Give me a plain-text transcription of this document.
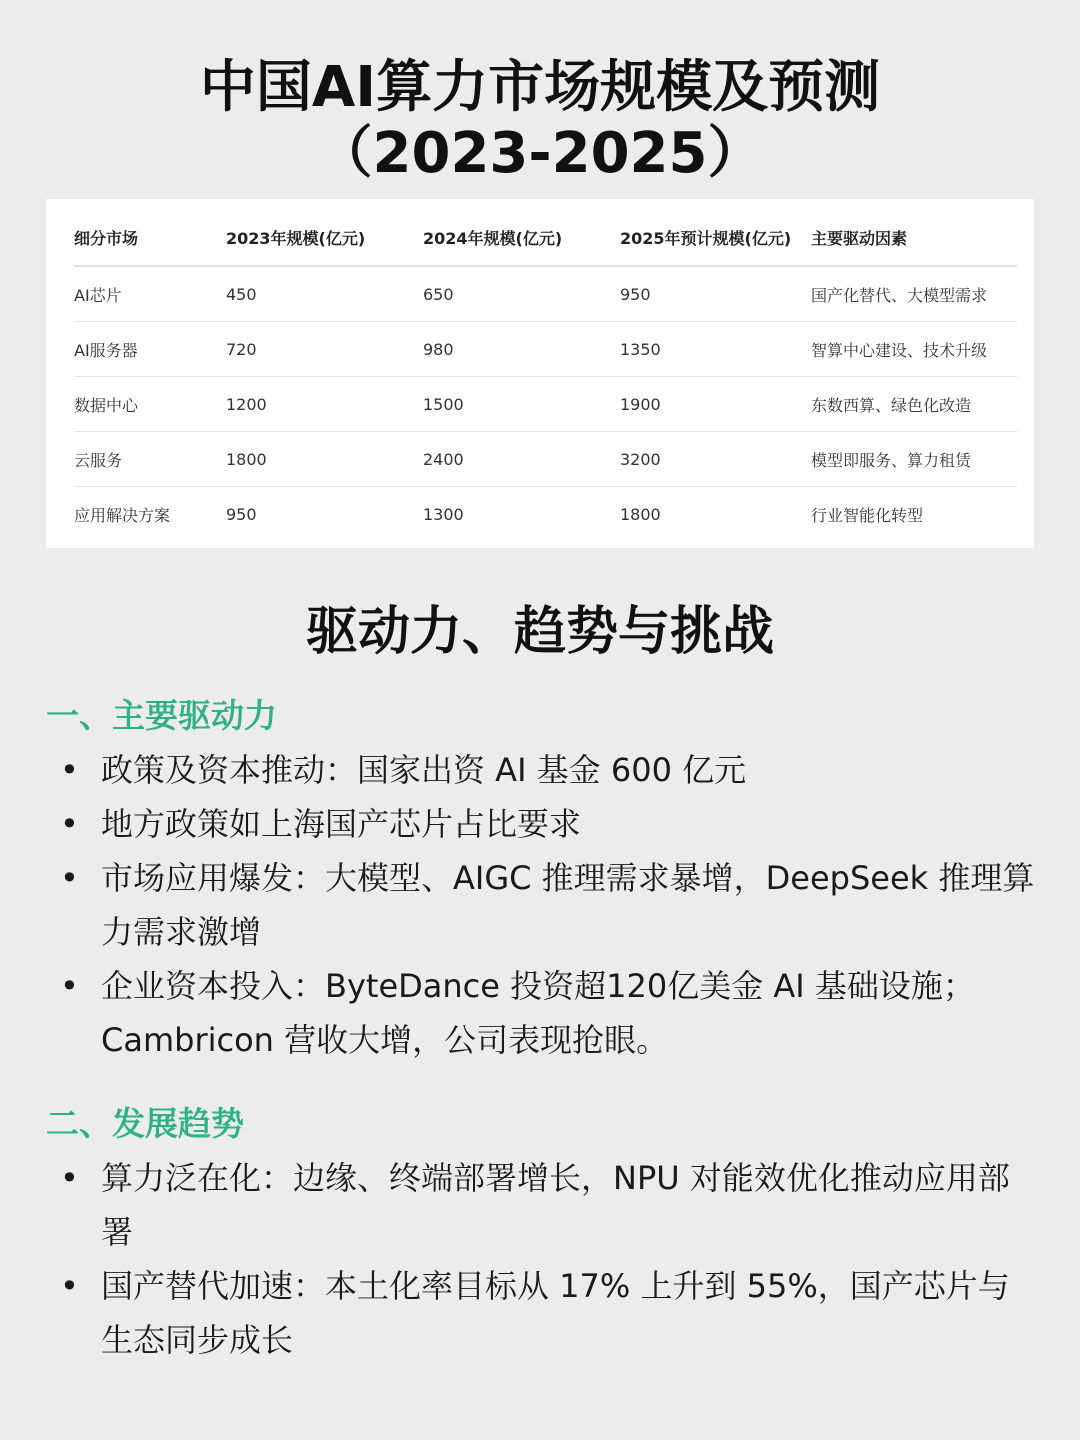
中国AI算力市场规模及预测
（2023-2025）
细分市场	2023年规模(亿元)	2024年规模(亿元)	2025年预计规模(亿元)	主要驱动因素
AI芯片	450	650	950	国产化替代、大模型需求
AI服务器	720	980	1350	智算中心建设、技术升级
数据中心	1200	1500	1900	东数西算、绿色化改造
云服务	1800	2400	3200	模型即服务、算力租赁
应用解决方案	950	1300	1800	行业智能化转型
驱动力、趋势与挑战
一、主要驱动力
• 政策及资本推动：国家出资 AI 基金 600 亿元
• 地方政策如上海国产芯片占比要求
• 市场应用爆发：大模型、AIGC 推理需求暴增，DeepSeek 推理算力需求激增
• 企业资本投入：ByteDance 投资超120亿美金 AI 基础设施；Cambricon 营收大增，公司表现抢眼。
二、发展趋势
• 算力泛在化：边缘、终端部署增长，NPU 对能效优化推动应用部署
• 国产替代加速：本土化率目标从 17% 上升到 55%，国产芯片与生态同步成长
